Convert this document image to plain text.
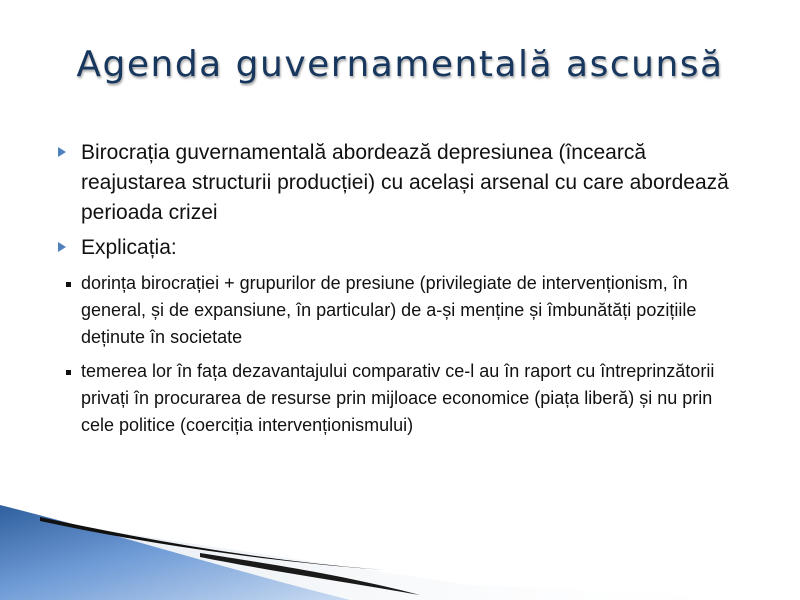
Agenda guvernamentală ascunsă
Birocrația guvernamentală abordează depresiunea (încearcă reajustarea structurii producției) cu același arsenal cu care abordează perioada crizei
Explicația:
dorința birocrației + grupurilor de presiune (privilegiate de intervenționism, în general, și de expansiune, în particular) de a-și menține și îmbunătăți pozițiile deținute în societate
temerea lor în fața dezavantajului comparativ ce-l au în raport cu întreprinzătorii privați în procurarea de resurse prin mijloace economice (piața liberă) și nu prin cele politice (coerciția intervenționismului)
